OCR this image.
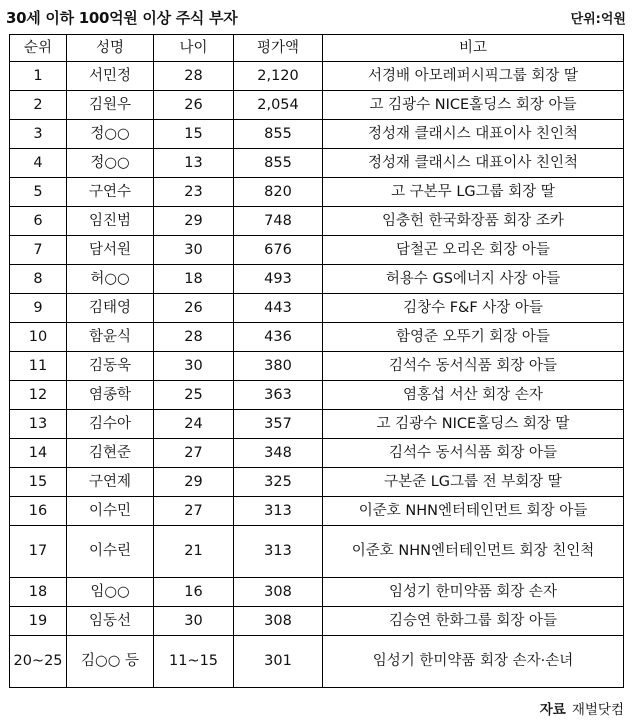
30세 이하 100억원 이상 주식 부자	단위:억원
순위	성명	나이	평가액	비고
1	서민정	28	2,120	서경배 아모레퍼시픽그룹 회장 딸
2	김원우	26	2,054	고 김광수 NICE홀딩스 회장 아들
3	정○○	15	855	정성재 클래시스 대표이사 친인척
4	정○○	13	855	정성재 클래시스 대표이사 친인척
5	구연수	23	820	고 구본무 LG그룹 회장 딸
6	임진범	29	748	임충헌 한국화장품 회장 조카
7	담서원	30	676	담철곤 오리온 회장 아들
8	허○○	18	493	허용수 GS에너지 사장 아들
9	김태영	26	443	김창수 F&F 사장 아들
10	함윤식	28	436	함영준 오뚜기 회장 아들
11	김동욱	30	380	김석수 동서식품 회장 아들
12	염종학	25	363	염홍섭 서산 회장 손자
13	김수아	24	357	고 김광수 NICE홀딩스 회장 딸
14	김현준	27	348	김석수 동서식품 회장 아들
15	구연제	29	325	구본준 LG그룹 전 부회장 딸
16	이수민	27	313	이준호 NHN엔터테인먼트 회장 아들
17	이수린	21	313	이준호 NHN엔터테인먼트 회장 친인척
18	임○○	16	308	임성기 한미약품 회장 손자
19	임동선	30	308	김승연 한화그룹 회장 아들
20~25	김○○ 등	11~15	301	임성기 한미약품 회장 손자·손녀
자료 재벌닷컴
